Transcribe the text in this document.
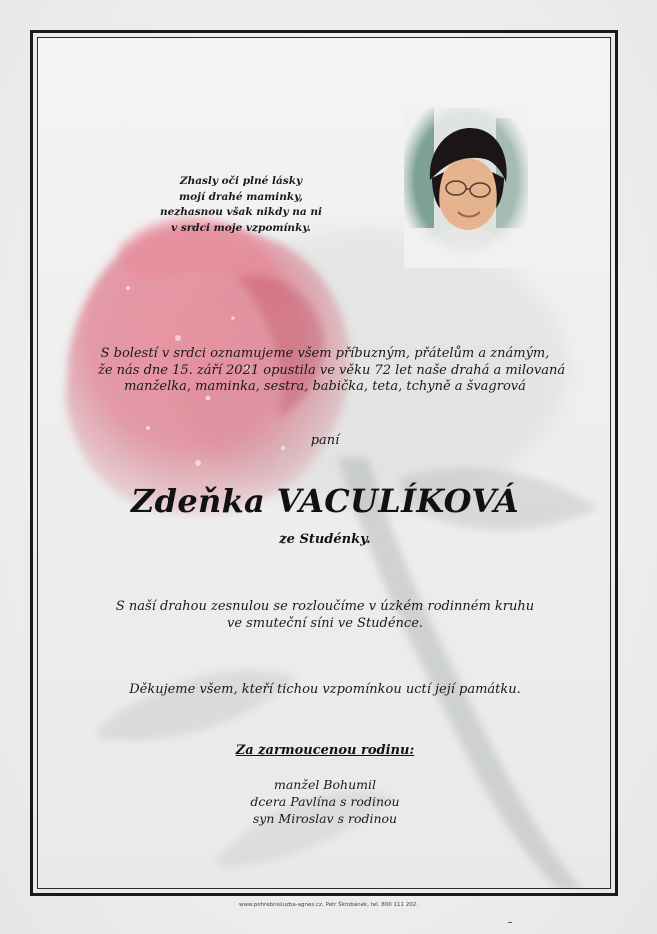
Zhasly oči plné lásky
mojí drahé maminky,
nezhasnou však nikdy na ni
v srdci moje vzpomínky.
S bolestí v srdci oznamujeme všem příbuzným, přátelům a známým,
že nás dne 15. září 2021 opustila ve věku 72 let naše drahá a milovaná
manželka, maminka, sestra, babička, teta, tchyně a švagrová
paní
Zdeňka VACULÍKOVÁ
ze Studénky.
S naší drahou zesnulou se rozloučíme v úzkém rodinném kruhu
ve smuteční síni ve Studénce.
Děkujeme všem, kteří tichou vzpomínkou uctí její památku.
Za zarmoucenou rodinu:
manžel Bohumil
dcera Pavlína s rodinou
syn Miroslav s rodinou
www.pohrebnisluzba-agnes.cz, Petr Škrobánek, tel. 800 111 202.
